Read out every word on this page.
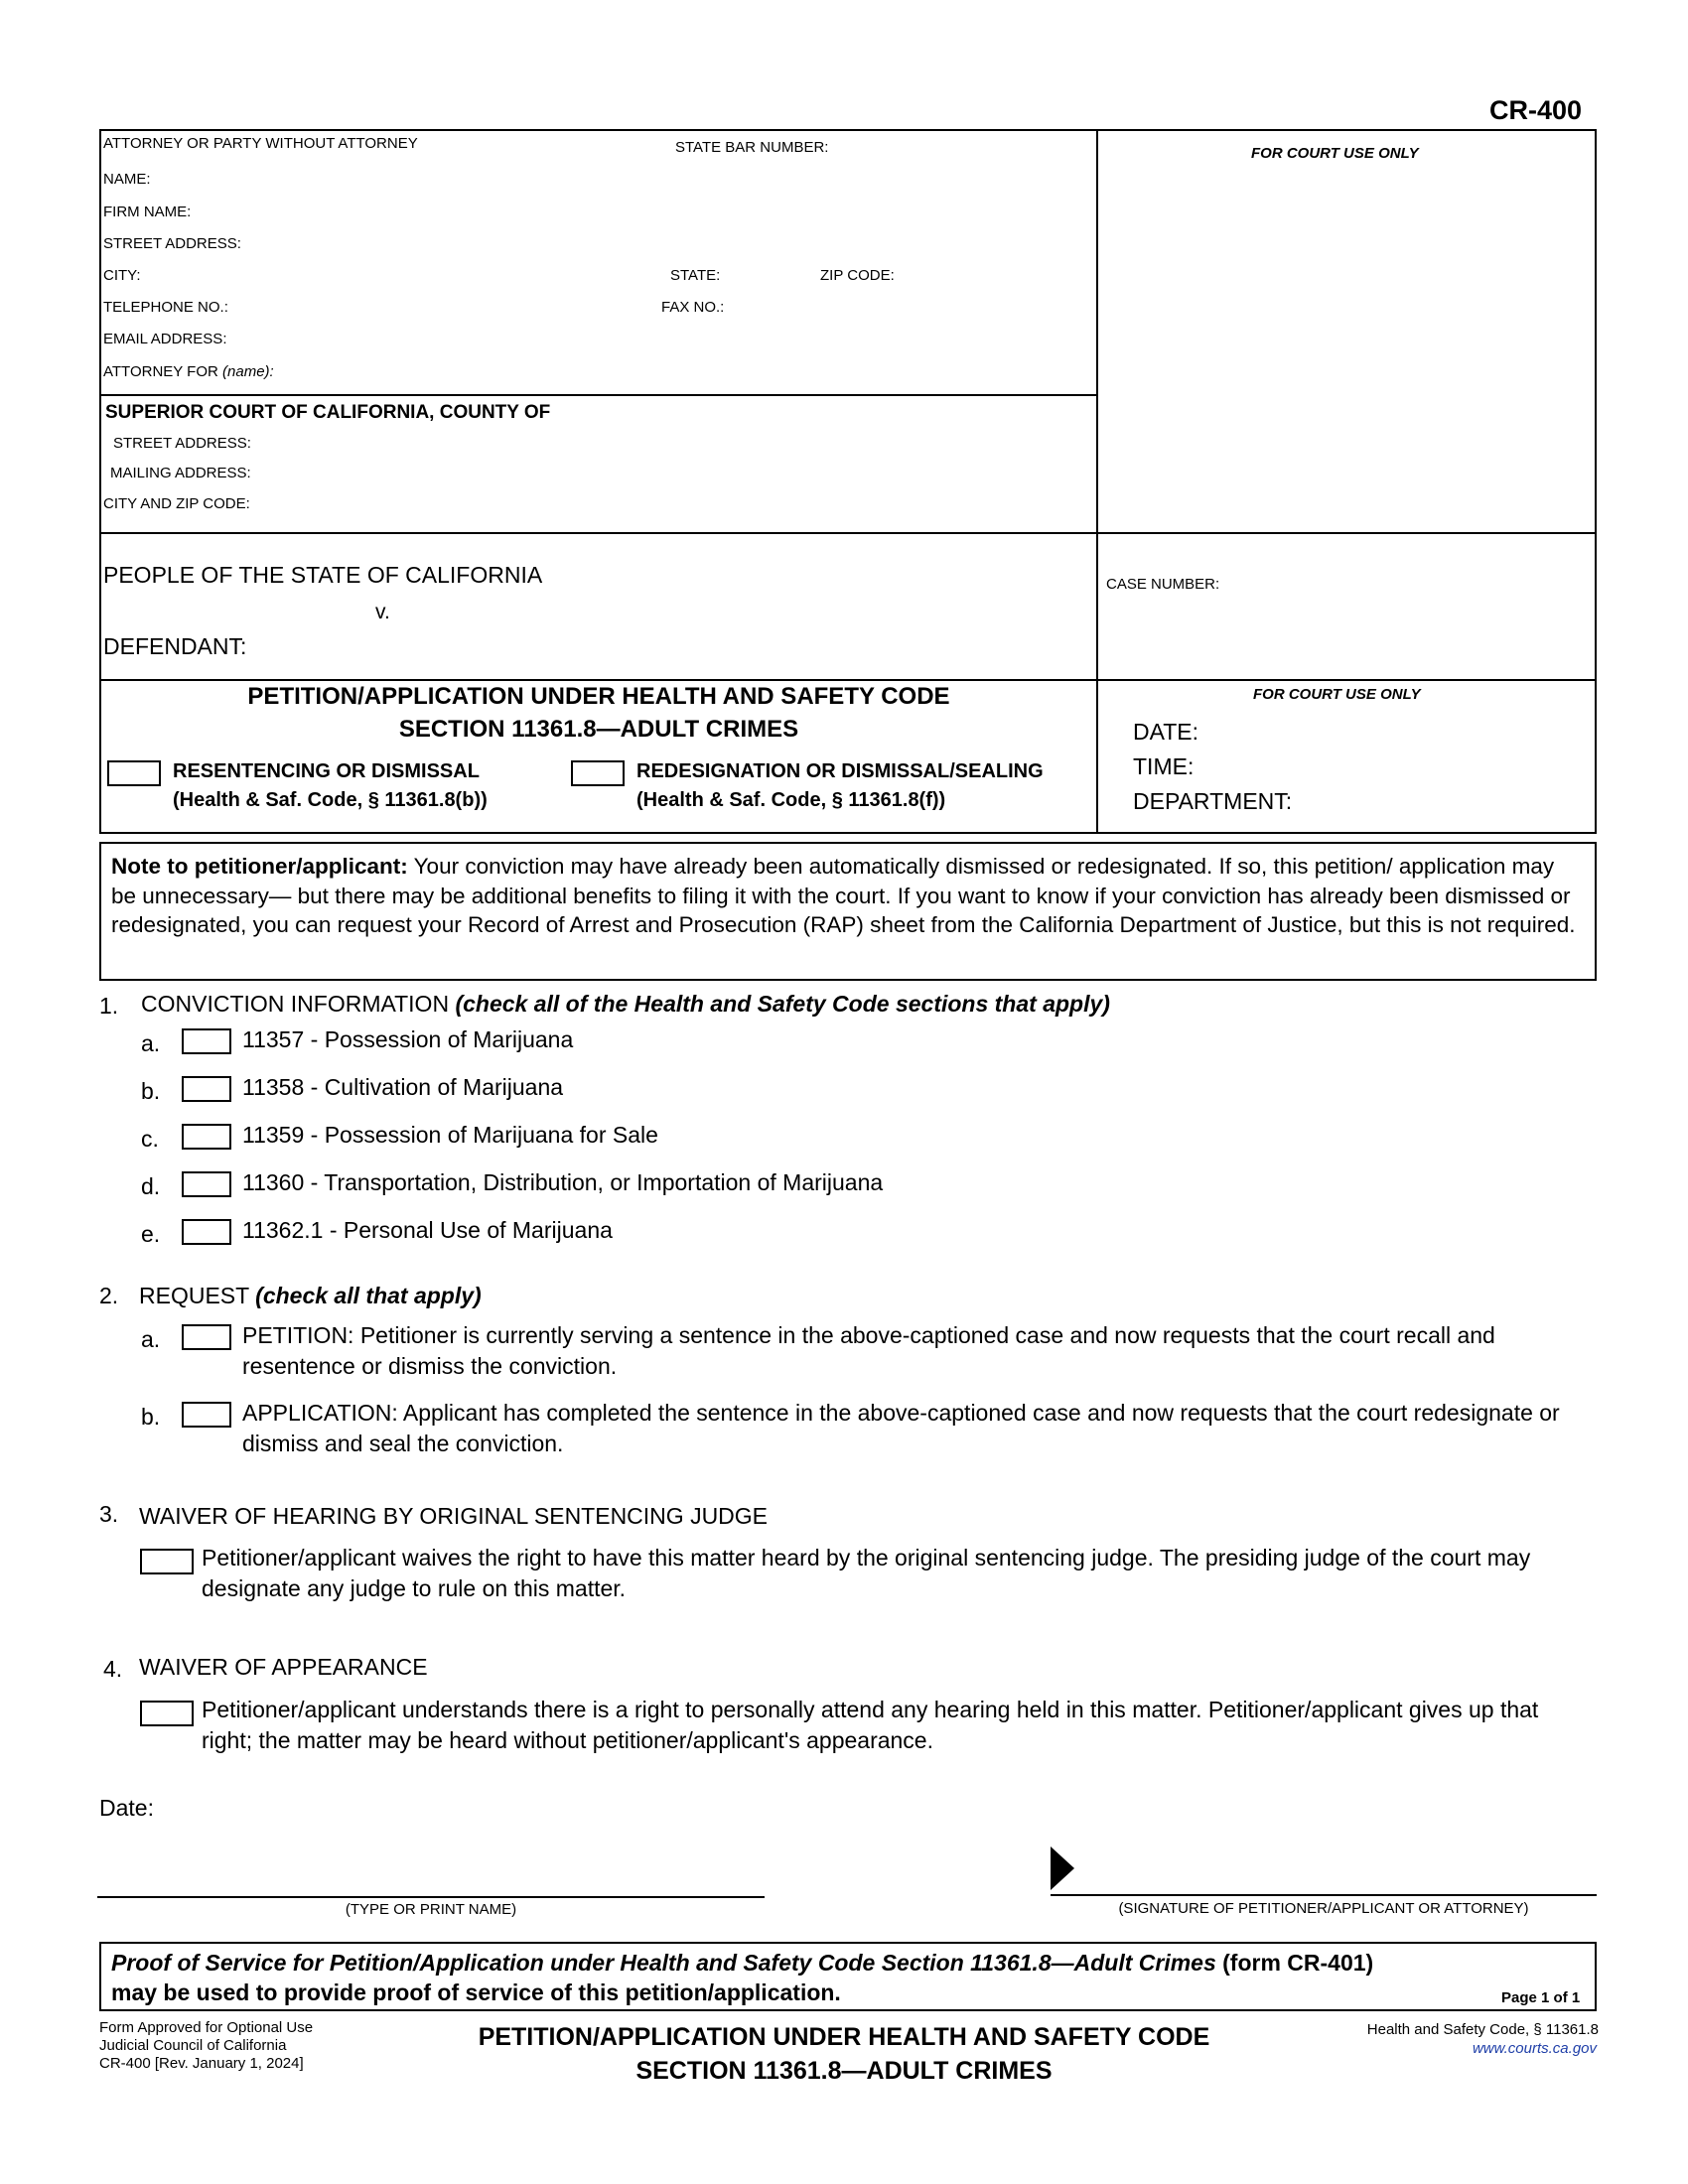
CR-400
ATTORNEY OR PARTY WITHOUT ATTORNEY	STATE BAR NUMBER:
NAME:
FIRM NAME:
STREET ADDRESS:
CITY:	STATE:	ZIP CODE:
TELEPHONE NO.:	FAX NO.:
EMAIL ADDRESS:
ATTORNEY FOR (name):
FOR COURT USE ONLY
SUPERIOR COURT OF CALIFORNIA, COUNTY OF
STREET ADDRESS:
MAILING ADDRESS:
CITY AND ZIP CODE:
PEOPLE OF THE STATE OF CALIFORNIA
v.
DEFENDANT:
CASE NUMBER:
PETITION/APPLICATION UNDER HEALTH AND SAFETY CODE
SECTION 11361.8—ADULT CRIMES
RESENTENCING OR DISMISSAL
(Health & Saf. Code, § 11361.8(b))
REDESIGNATION OR DISMISSAL/SEALING
(Health & Saf. Code, § 11361.8(f))
FOR COURT USE ONLY
DATE:
TIME:
DEPARTMENT:
Note to petitioner/applicant: Your conviction may have already been automatically dismissed or redesignated. If so, this petition/ application may be unnecessary— but there may be additional benefits to filing it with the court. If you want to know if your conviction has already been dismissed or redesignated, you can request your Record of Arrest and Prosecution (RAP) sheet from the California Department of Justice, but this is not required.
1. CONVICTION INFORMATION (check all of the Health and Safety Code sections that apply)
a.	11357 - Possession of Marijuana
b.	11358 - Cultivation of Marijuana
c.	11359 - Possession of Marijuana for Sale
d.	11360 - Transportation, Distribution, or Importation of Marijuana
e.	11362.1 - Personal Use of Marijuana
2. REQUEST (check all that apply)
a.	PETITION: Petitioner is currently serving a sentence in the above-captioned case and now requests that the court recall and resentence or dismiss the conviction.
b.	APPLICATION: Applicant has completed the sentence in the above-captioned case and now requests that the court redesignate or dismiss and seal the conviction.
3. WAIVER OF HEARING BY ORIGINAL SENTENCING JUDGE
Petitioner/applicant waives the right to have this matter heard by the original sentencing judge. The presiding judge of the court may designate any judge to rule on this matter.
4. WAIVER OF APPEARANCE
Petitioner/applicant understands there is a right to personally attend any hearing held in this matter. Petitioner/applicant gives up that right; the matter may be heard without petitioner/applicant's appearance.
Date:
(TYPE OR PRINT NAME)	(SIGNATURE OF PETITIONER/APPLICANT OR ATTORNEY)
Proof of Service for Petition/Application under Health and Safety Code Section 11361.8—Adult Crimes (form CR-401)
may be used to provide proof of service of this petition/application.	Page 1 of 1
Form Approved for Optional Use
Judicial Council of California
CR-400 [Rev. January 1, 2024]
PETITION/APPLICATION UNDER HEALTH AND SAFETY CODE
SECTION 11361.8—ADULT CRIMES
Health and Safety Code, § 11361.8
www.courts.ca.gov
